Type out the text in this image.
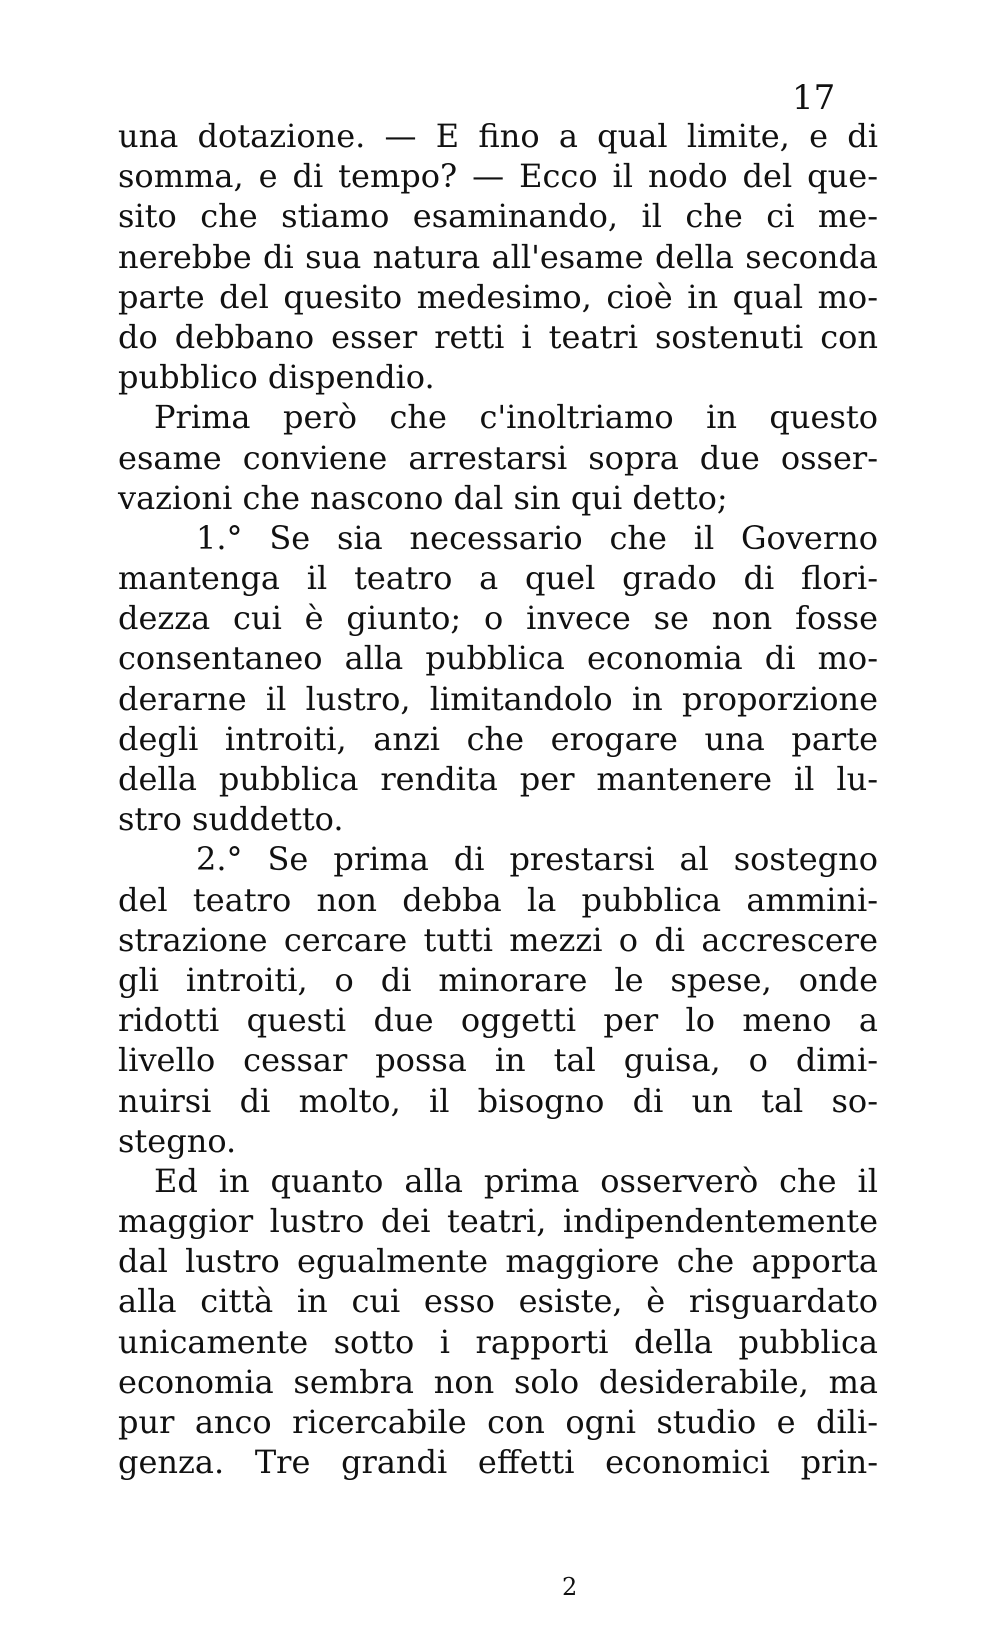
17
una dotazione. — E fino a qual limite, e di
somma, e di tempo? — Ecco il nodo del que-
sito che stiamo esaminando, il che ci me-
nerebbe di sua natura all'esame della seconda
parte del quesito medesimo, cioè in qual mo-
do debbano esser retti i teatri sostenuti con
pubblico dispendio.
Prima però che c'inoltriamo in questo
esame conviene arrestarsi sopra due osser-
vazioni che nascono dal sin qui detto;
1.° Se sia necessario che il Governo
mantenga il teatro a quel grado di flori-
dezza cui è giunto; o invece se non fosse
consentaneo alla pubblica economia di mo-
derarne il lustro, limitandolo in proporzione
degli introiti, anzi che erogare una parte
della pubblica rendita per mantenere il lu-
stro suddetto.
2.° Se prima di prestarsi al sostegno
del teatro non debba la pubblica ammini-
strazione cercare tutti mezzi o di accrescere
gli introiti, o di minorare le spese, onde
ridotti questi due oggetti per lo meno a
livello cessar possa in tal guisa, o dimi-
nuirsi di molto, il bisogno di un tal so-
stegno.
Ed in quanto alla prima osserverò che il
maggior lustro dei teatri, indipendentemente
dal lustro egualmente maggiore che apporta
alla città in cui esso esiste, è risguardato
unicamente sotto i rapporti della pubblica
economia sembra non solo desiderabile, ma
pur anco ricercabile con ogni studio e dili-
genza. Tre grandi effetti economici prin-
2
